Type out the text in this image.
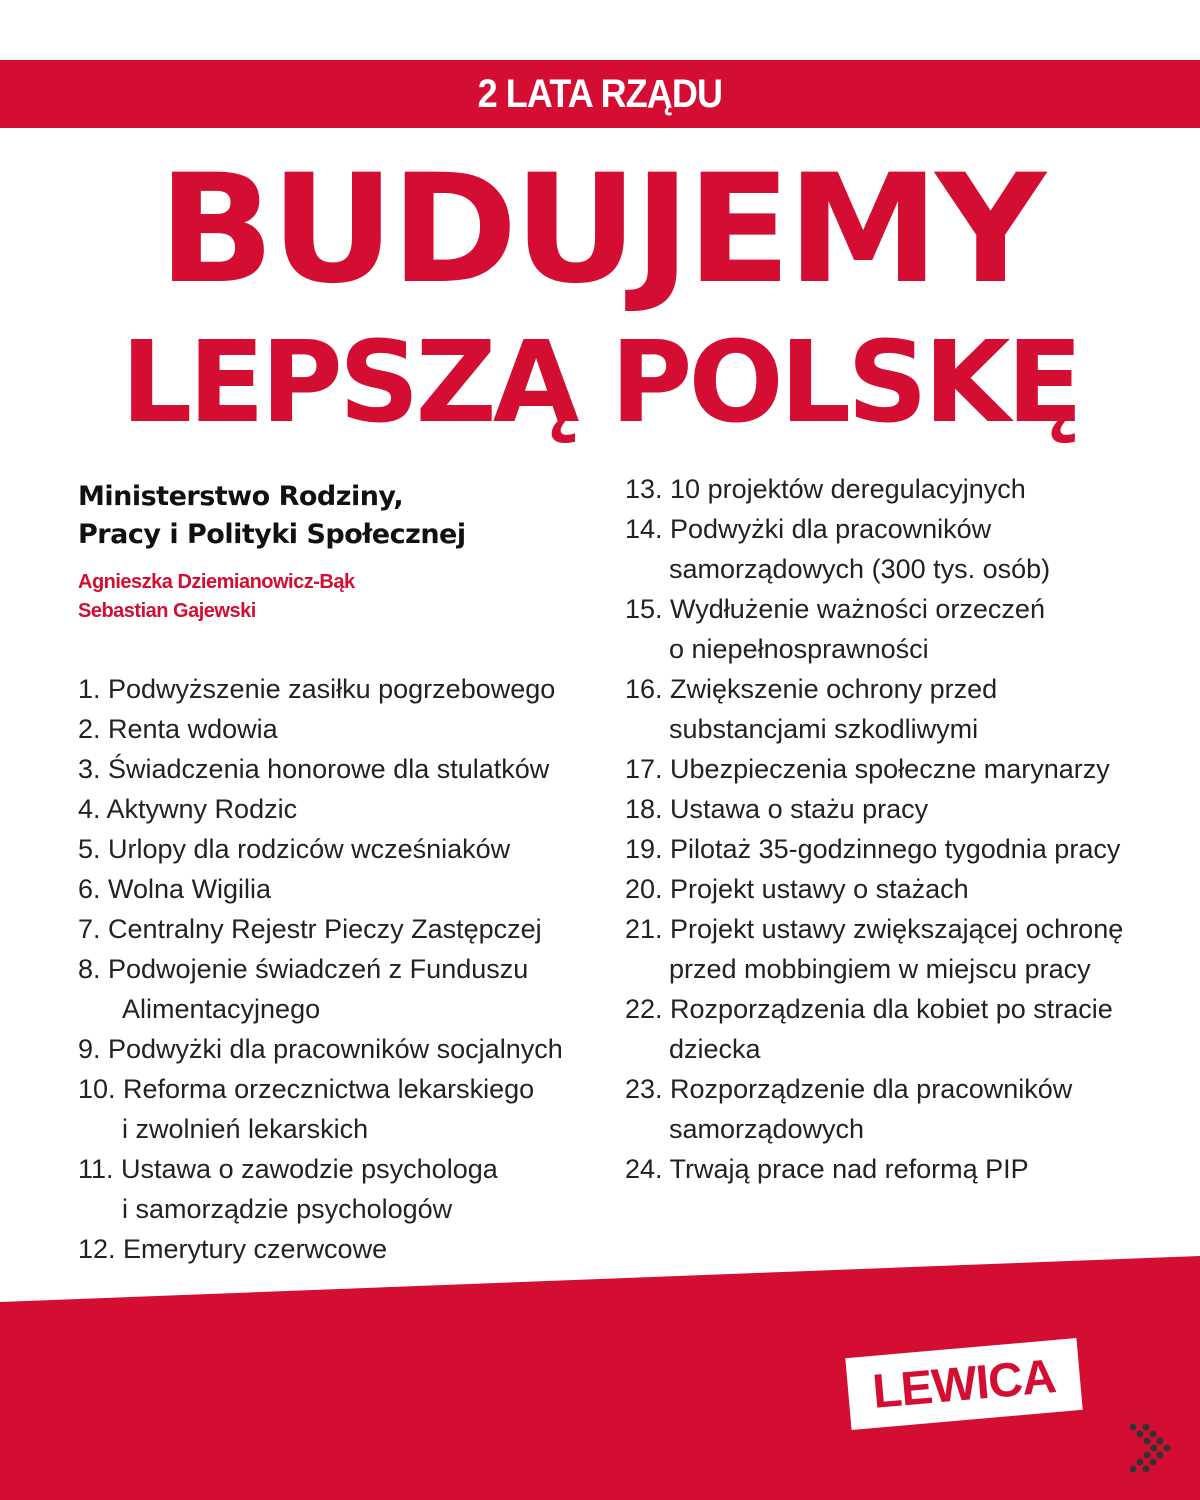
2 LATA RZĄDU
BUDUJEMY
LEPSZĄ POLSKĘ
Ministerstwo Rodziny,
Pracy i Polityki Społecznej
Agnieszka Dziemianowicz-Bąk
Sebastian Gajewski
1. Podwyższenie zasiłku pogrzebowego
2. Renta wdowia
3. Świadczenia honorowe dla stulatków
4. Aktywny Rodzic
5. Urlopy dla rodziców wcześniaków
6. Wolna Wigilia
7. Centralny Rejestr Pieczy Zastępczej
8. Podwojenie świadczeń z Funduszu
Alimentacyjnego
9. Podwyżki dla pracowników socjalnych
10. Reforma orzecznictwa lekarskiego
i zwolnień lekarskich
11. Ustawa o zawodzie psychologa
i samorządzie psychologów
12. Emerytury czerwcowe
13. 10 projektów deregulacyjnych
14. Podwyżki dla pracowników
samorządowych (300 tys. osób)
15. Wydłużenie ważności orzeczeń
o niepełnosprawności
16. Zwiększenie ochrony przed
substancjami szkodliwymi
17. Ubezpieczenia społeczne marynarzy
18. Ustawa o stażu pracy
19. Pilotaż 35-godzinnego tygodnia pracy
20. Projekt ustawy o stażach
21. Projekt ustawy zwiększającej ochronę
przed mobbingiem w miejscu pracy
22. Rozporządzenia dla kobiet po stracie
dziecka
23. Rozporządzenie dla pracowników
samorządowych
24. Trwają prace nad reformą PIP
LEWICA
